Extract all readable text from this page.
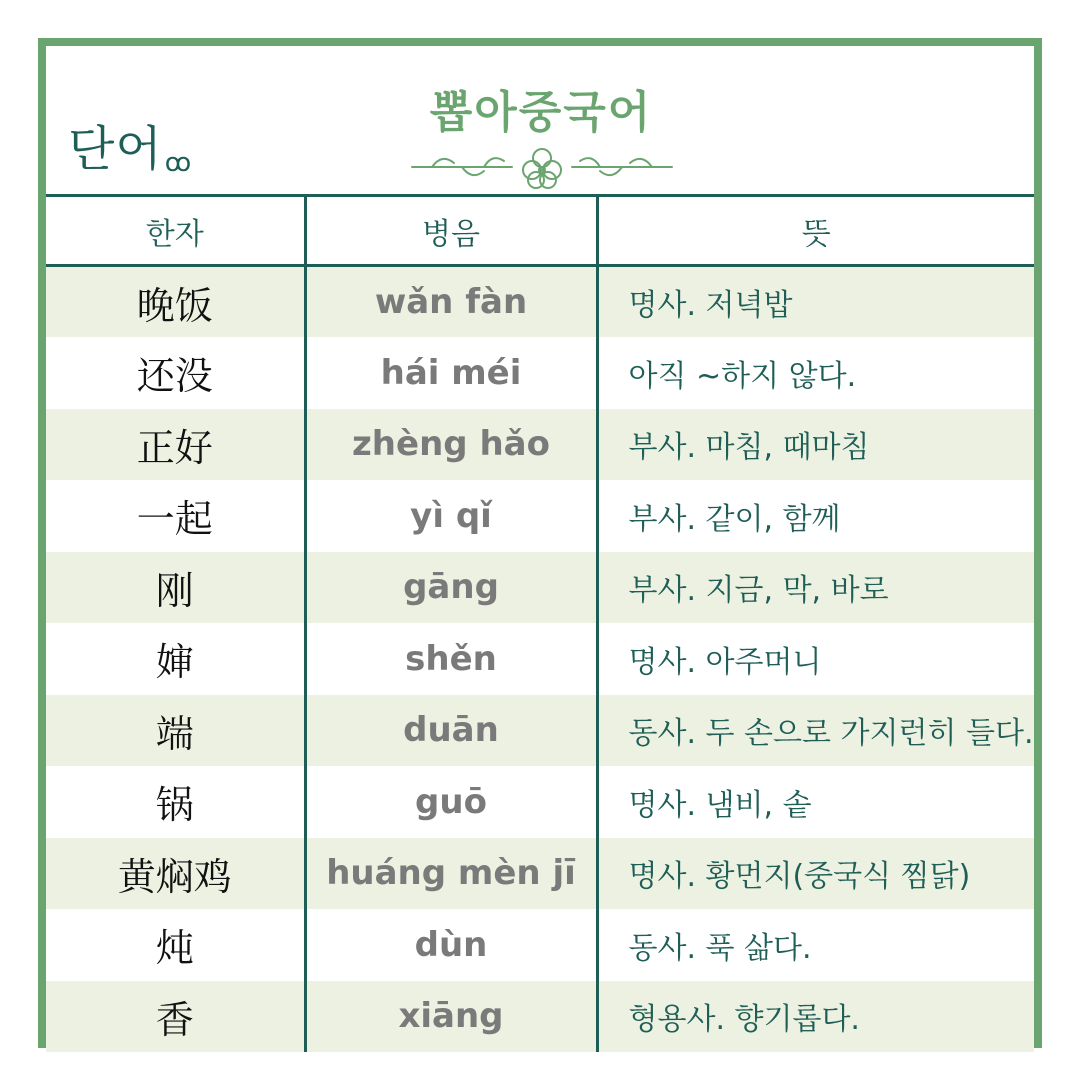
단어ꝏ
뽑아중국어
한자	병음	뜻
晚饭	wǎn fàn	명사. 저녁밥
还没	hái méi	아직 ~하지 않다.
正好	zhèng hǎo	부사. 마침, 때마침
一起	yì qǐ	부사. 같이, 함께
刚	gāng	부사. 지금, 막, 바로
婶	shěn	명사. 아주머니
端	duān	동사. 두 손으로 가지런히 들다.
锅	guō	명사. 냄비, 솥
黄焖鸡	huáng mèn jī	명사. 황먼지(중국식 찜닭)
炖	dùn	동사. 푹 삶다.
香	xiāng	형용사. 향기롭다.
